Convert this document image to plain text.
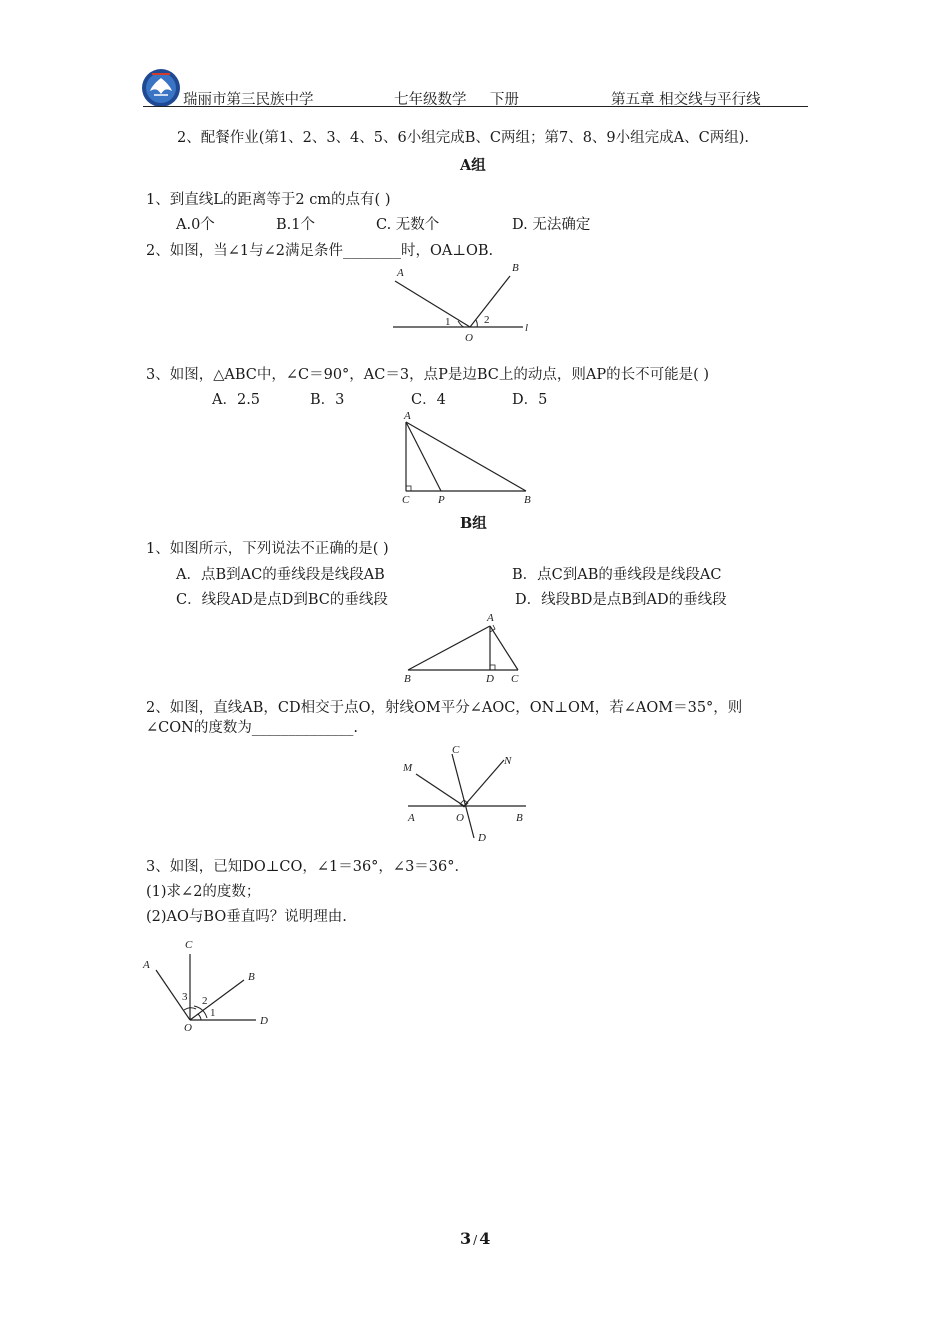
瑞丽市第三民族中学	七年级数学 下册	第五章 相交线与平行线
2、配餐作业(第1、2、3、4、5、6小组完成B、C两组；第7、8、9小组完成A、C两组).
A组
1、到直线L的距离等于2 cm的点有( )
A.0个	B.1个	C. 无数个	D. 无法确定
2、如图，当∠1与∠2满足条件________时，OA⊥OB.
A	B
O
l
1	2
3、如图，△ABC中，∠C＝90°，AC＝3，点P是边BC上的动点，则AP的长不可能是( )
A．2.5	B．3	C．4	D．5
A
C	P	B
B组
1、如图所示，下列说法不正确的是( )
A．点B到AC的垂线段是线段AB	B．点C到AB的垂线段是线段AC
C．线段AD是点D到BC的垂线段	D．线段BD是点B到AD的垂线段
A
B	D C
2、如图，直线AB，CD相交于点O，射线OM平分∠AOC，ON⊥OM，若∠AOM＝35°，则
∠CON的度数为______________.
C
M
N
A	O	B
D
3、如图，已知DO⊥CO，∠1＝36°，∠3＝36°．
(1)求∠2的度数；
(2)AO与BO垂直吗？说明理由.
C
A
B
O
D
1
2
3
3 / 4
